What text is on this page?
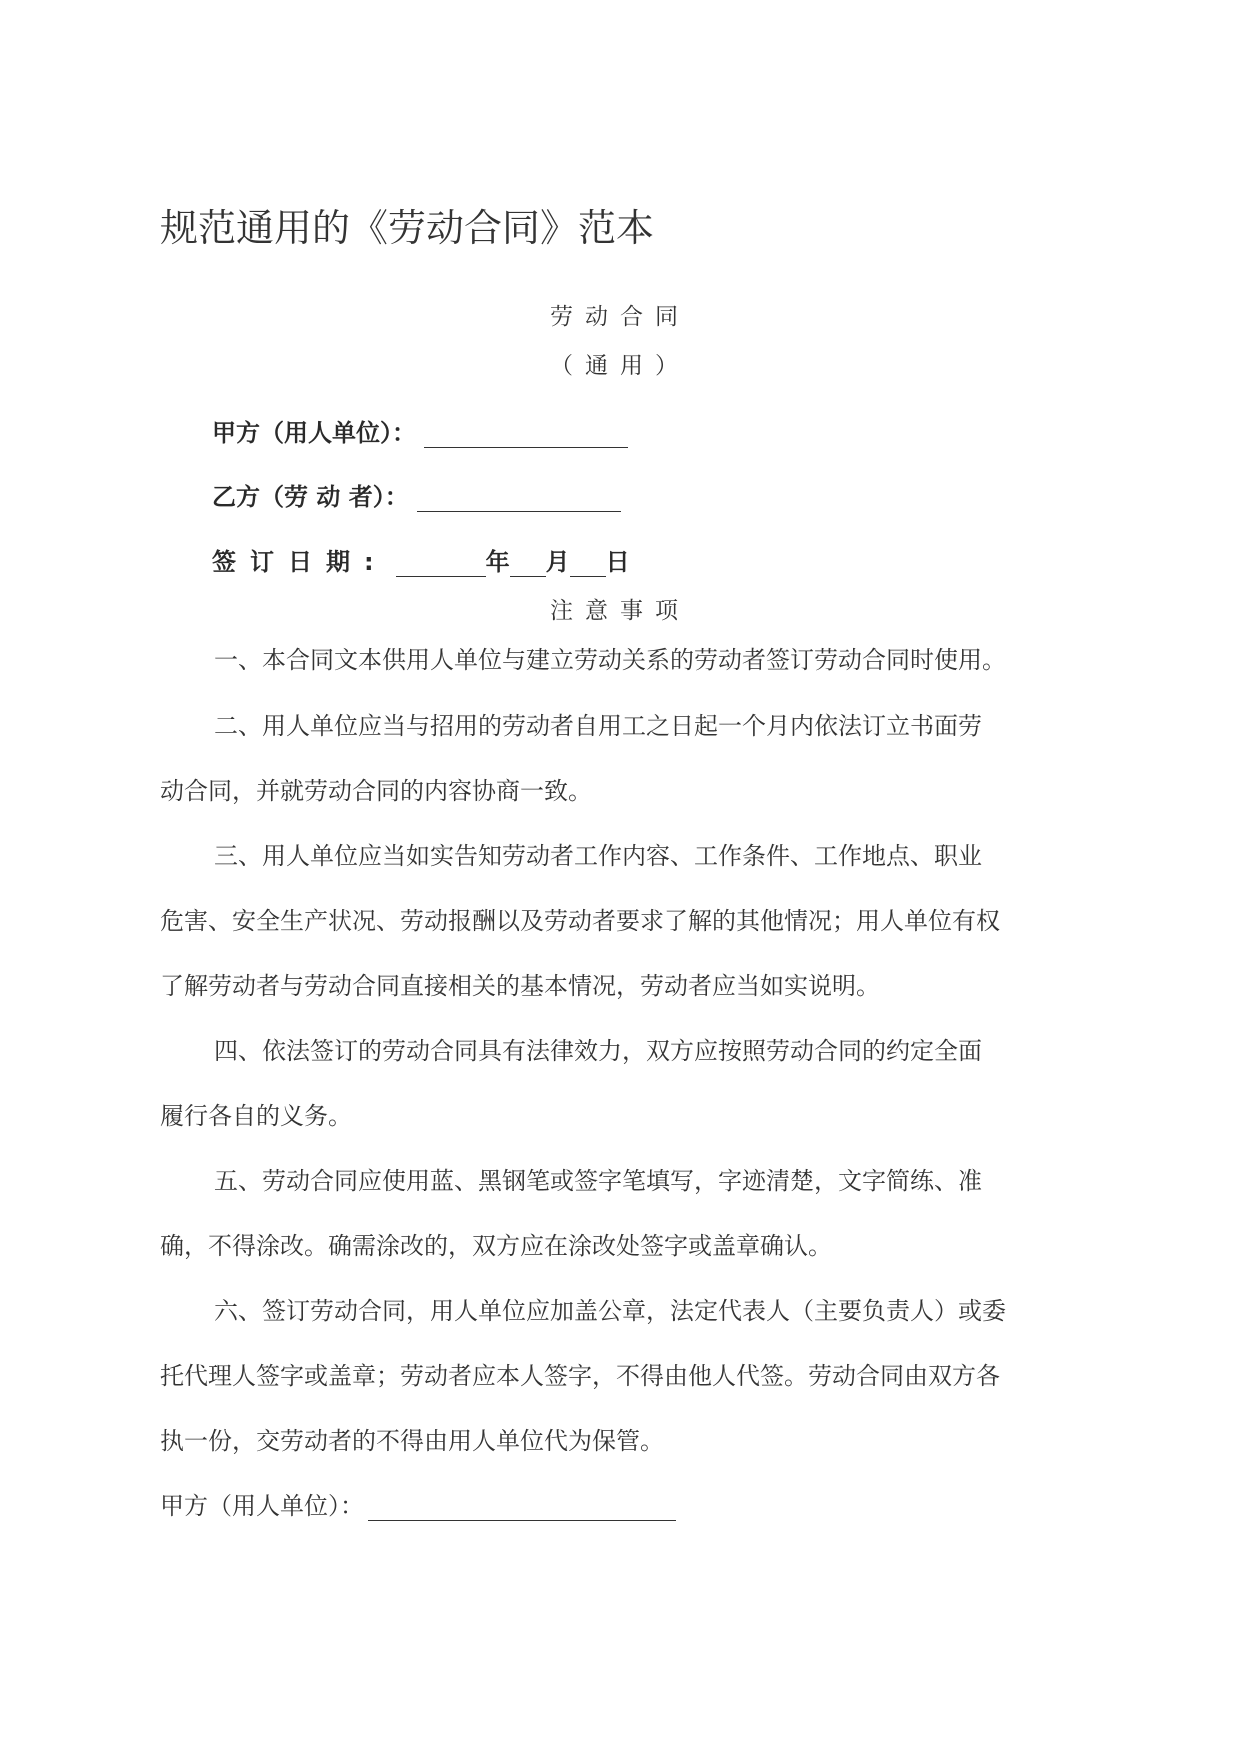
规范通用的《劳动合同》范本
劳动合同
（通用）
甲方（用人单位）：
乙方（劳 动 者）：
签订日期:	年 月 日
注意事项
一、本合同文本供用人单位与建立劳动关系的劳动者签订劳动合同时使用。
二、用人单位应当与招用的劳动者自用工之日起一个月内依法订立书面劳
动合同，并就劳动合同的内容协商一致。
三、用人单位应当如实告知劳动者工作内容、工作条件、工作地点、职业
危害、安全生产状况、劳动报酬以及劳动者要求了解的其他情况；用人单位有权
了解劳动者与劳动合同直接相关的基本情况，劳动者应当如实说明。
四、依法签订的劳动合同具有法律效力，双方应按照劳动合同的约定全面
履行各自的义务。
五、劳动合同应使用蓝、黑钢笔或签字笔填写，字迹清楚，文字简练、准
确，不得涂改。确需涂改的，双方应在涂改处签字或盖章确认。
六、签订劳动合同，用人单位应加盖公章，法定代表人（主要负责人）或委
托代理人签字或盖章；劳动者应本人签字，不得由他人代签。劳动合同由双方各
执一份，交劳动者的不得由用人单位代为保管。
甲方（用人单位）：
